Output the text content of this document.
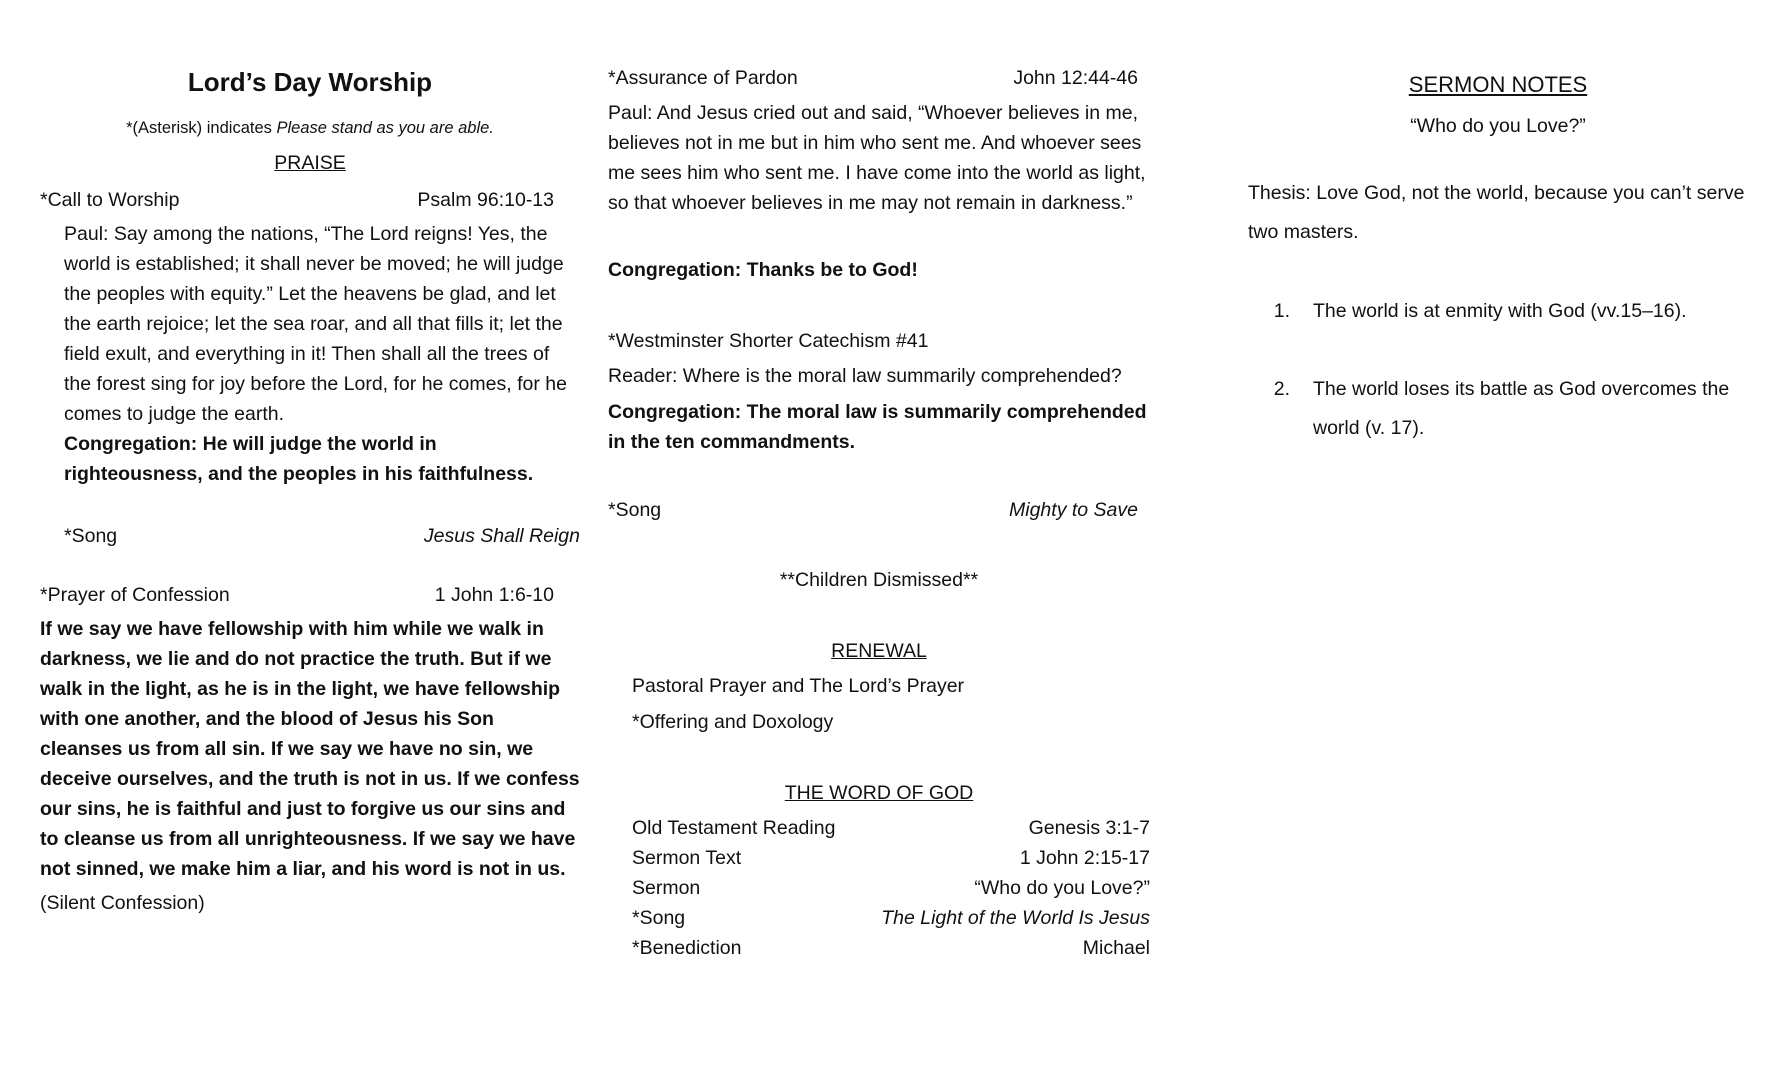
Lord’s Day Worship
*(Asterisk) indicates Please stand as you are able.
PRAISE
*Call to Worship	Psalm 96:10-13

Paul: Say among the nations, “The Lord reigns! Yes, the world is established; it shall never be moved; he will judge the peoples with equity.” Let the heavens be glad, and let the earth rejoice; let the sea roar, and all that fills it; let the field exult, and everything in it! Then shall all the trees of the forest sing for joy before the Lord, for he comes, for he comes to judge the earth.

Congregation: He will judge the world in righteousness, and the peoples in his faithfulness.

*Song	Jesus Shall Reign
*Prayer of Confession	1 John 1:6-10

If we say we have fellowship with him while we walk in darkness, we lie and do not practice the truth. But if we walk in the light, as he is in the light, we have fellowship with one another, and the blood of Jesus his Son cleanses us from all sin. If we say we have no sin, we deceive ourselves, and the truth is not in us. If we confess our sins, he is faithful and just to forgive us our sins and to cleanse us from all unrighteousness. If we say we have not sinned, we make him a liar, and his word is not in us.

(Silent Confession)
*Assurance of Pardon	John 12:44-46

Paul: And Jesus cried out and said, “Whoever believes in me, believes not in me but in him who sent me. And whoever sees me sees him who sent me. I have come into the world as light, so that whoever believes in me may not remain in darkness.”

Congregation: Thanks be to God!
*Westminster Shorter Catechism #41
Reader: Where is the moral law summarily comprehended?

Congregation: The moral law is summarily comprehended in the ten commandments.

*Song	Mighty to Save
**Children Dismissed**
RENEWAL
Pastoral Prayer and The Lord’s Prayer
*Offering and Doxology
THE WORD OF GOD
Old Testament Reading	Genesis 3:1-7
Sermon Text	1 John 2:15-17
Sermon	“Who do you Love?”
*Song	The Light of the World Is Jesus
*Benediction	Michael
SERMON NOTES
“Who do you Love?”

Thesis: Love God, not the world, because you can’t serve two masters.

1.	The world is at enmity with God (vv.15–16).
2.	The world loses its battle as God overcomes the world (v. 17).
